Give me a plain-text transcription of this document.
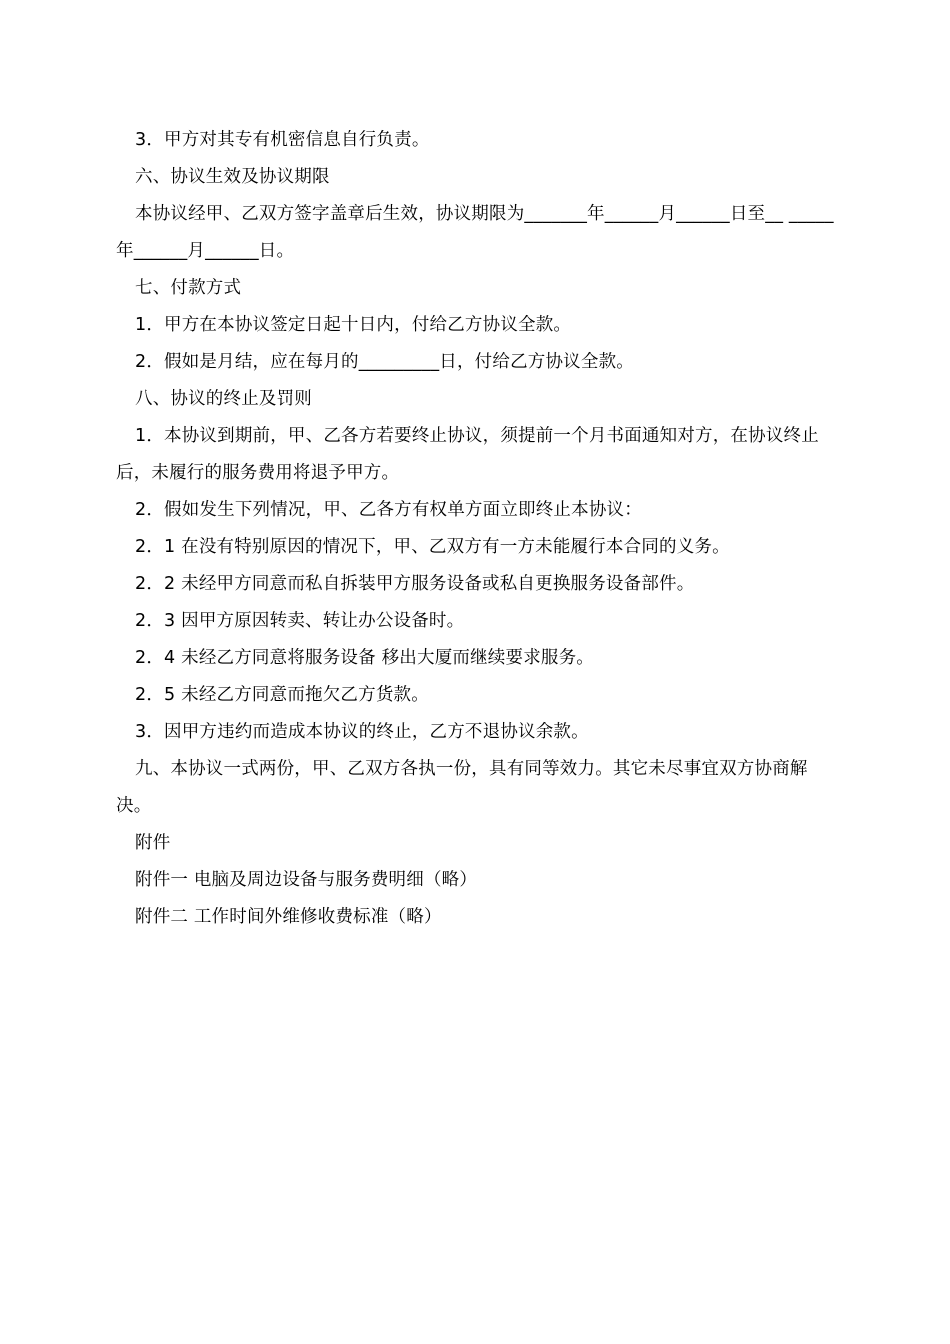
3．甲方对其专有机密信息自行负责。

六、协议生效及协议期限

本协议经甲、乙双方签字盖章后生效，协议期限为_______年______月______日至__ _____年______月______日。

七、付款方式

1．甲方在本协议签定日起十日内，付给乙方协议全款。

2．假如是月结，应在每月的_________日，付给乙方协议全款。

八、协议的终止及罚则

1．本协议到期前，甲、乙各方若要终止协议，须提前一个月书面通知对方，在协议终止后，未履行的服务费用将退予甲方。

2．假如发生下列情况，甲、乙各方有权单方面立即终止本协议：

2．1 在没有特别原因的情况下，甲、乙双方有一方未能履行本合同的义务。

2．2 未经甲方同意而私自拆装甲方服务设备或私自更换服务设备部件。

2．3 因甲方原因转卖、转让办公设备时。

2．4 未经乙方同意将服务设备 移出大厦而继续要求服务。

2．5 未经乙方同意而拖欠乙方货款。

3．因甲方违约而造成本协议的终止，乙方不退协议余款。

九、本协议一式两份，甲、乙双方各执一份，具有同等效力。其它未尽事宜双方协商解决。

附件

附件一 电脑及周边设备与服务费明细（略）

附件二 工作时间外维修收费标准（略）
